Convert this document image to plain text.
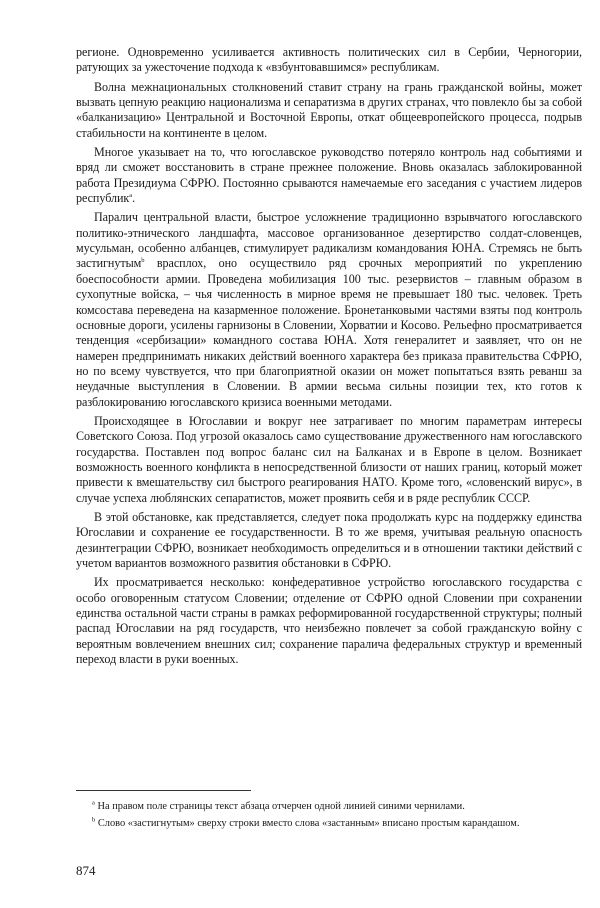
регионе. Одновременно усиливается активность политических сил в Сербии, Черногории, ратующих за ужесточение подхода к «взбунтовавшимся» республикам.

Волна межнациональных столкновений ставит страну на грань гражданской войны, может вызвать цепную реакцию национализма и сепаратизма в других странах, что повлекло бы за собой «балканизацию» Центральной и Восточной Европы, откат общеевропейского процесса, подрыв стабильности на континенте в целом.

Многое указывает на то, что югославское руководство потеряло контроль над событиями и вряд ли сможет восстановить в стране прежнее положение. Вновь оказалась заблокированной работа Президиума СФРЮ. Постоянно срываются намечаемые его заседания с участием лидеров республик$^a$.

Паралич центральной власти, быстрое усложнение традиционно взрывчатого югославского политико-этнического ландшафта, массовое организованное дезертирство солдат-словенцев, мусульман, особенно албанцев, стимулирует радикализм командования ЮНА. Стремясь не быть застигнутым$^b$ врасплох, оно осуществило ряд срочных мероприятий по укреплению боеспособности армии. Проведена мобилизация 100 тыс. резервистов – главным образом в сухопутные войска, – чья численность в мирное время не превышает 180 тыс. человек. Треть комсостава переведена на казарменное положение. Бронетанковыми частями взяты под контроль основные дороги, усилены гарнизоны в Словении, Хорватии и Косово. Рельефно просматривается тенденция «сербизации» командного состава ЮНА. Хотя генералитет и заявляет, что он не намерен предпринимать никаких действий военного характера без приказа правительства СФРЮ, но по всему чувствуется, что при благоприятной оказии он может попытаться взять реванш за неудачные выступления в Словении. В армии весьма сильны позиции тех, кто готов к разблокированию югославского кризиса военными методами.

Происходящее в Югославии и вокруг нее затрагивает по многим параметрам интересы Советского Союза. Под угрозой оказалось само существование дружественного нам югославского государства. Поставлен под вопрос баланс сил на Балканах и в Европе в целом. Возникает возможность военного конфликта в непосредственной близости от наших границ, который может привести к вмешательству сил быстрого реагирования НАТО. Кроме того, «словенский вирус», в случае успеха люблянских сепаратистов, может проявить себя и в ряде республик СССР.

В этой обстановке, как представляется, следует пока продолжать курс на поддержку единства Югославии и сохранение ее государственности. В то же время, учитывая реальную опасность дезинтеграции СФРЮ, возникает необходимость определиться и в отношении тактики действий с учетом вариантов возможного развития обстановки в СФРЮ.

Их просматривается несколько: конфедеративное устройство югославского государства с особо оговоренным статусом Словении; отделение от СФРЮ одной Словении при сохранении единства остальной части страны в рамках реформированной государственной структуры; полный распад Югославии на ряд государств, что неизбежно повлечет за собой гражданскую войну с вероятным вовлечением внешних сил; сохранение паралича федеральных структур и временный переход власти в руки военных.

$^a$ На правом поле страницы текст абзаца отчерчен одной линией синими чернилами.

$^b$ Слово «застигнутым» сверху строки вместо слова «застанным» вписано простым карандашом.

874
